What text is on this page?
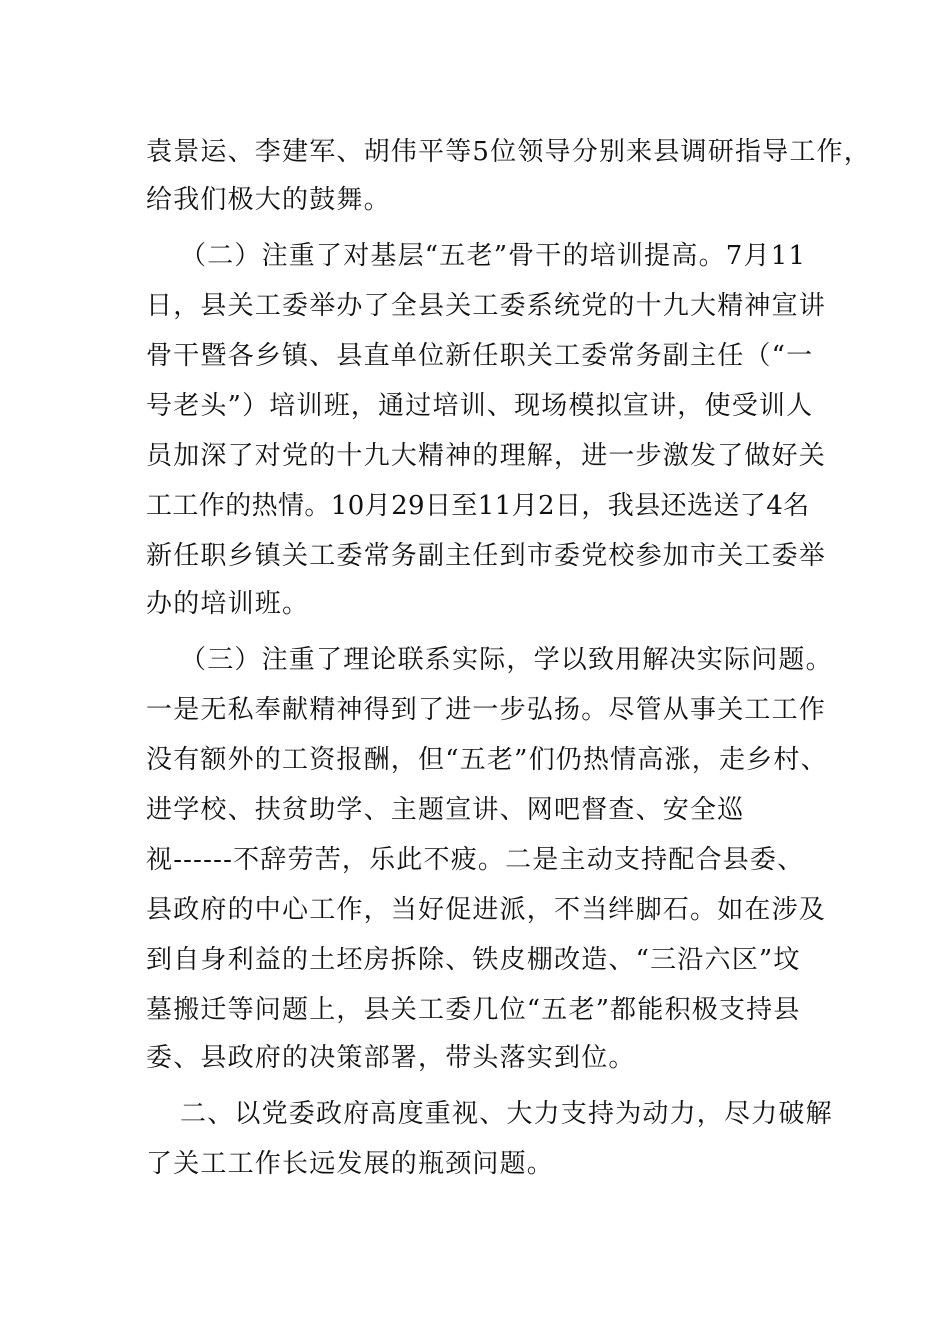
袁景运、李建军、胡伟平等5位领导分别来县调研指导工作，
给我们极大的鼓舞。
（二）注重了对基层“五老”骨干的培训提高。7月11
日，县关工委举办了全县关工委系统党的十九大精神宣讲
骨干暨各乡镇、县直单位新任职关工委常务副主任（“一
号老头”）培训班，通过培训、现场模拟宣讲，使受训人
员加深了对党的十九大精神的理解，进一步激发了做好关
工工作的热情。10月29日至11月2日，我县还选送了4名
新任职乡镇关工委常务副主任到市委党校参加市关工委举
办的培训班。
（三）注重了理论联系实际，学以致用解决实际问题。
一是无私奉献精神得到了进一步弘扬。尽管从事关工工作
没有额外的工资报酬，但“五老”们仍热情高涨，走乡村、
进学校、扶贫助学、主题宣讲、网吧督查、安全巡
视------不辞劳苦，乐此不疲。二是主动支持配合县委、
县政府的中心工作，当好促进派，不当绊脚石。如在涉及
到自身利益的土坯房拆除、铁皮棚改造、“三沿六区”坟
墓搬迁等问题上，县关工委几位“五老”都能积极支持县
委、县政府的决策部署，带头落实到位。
二、以党委政府高度重视、大力支持为动力，尽力破解
了关工工作长远发展的瓶颈问题。
